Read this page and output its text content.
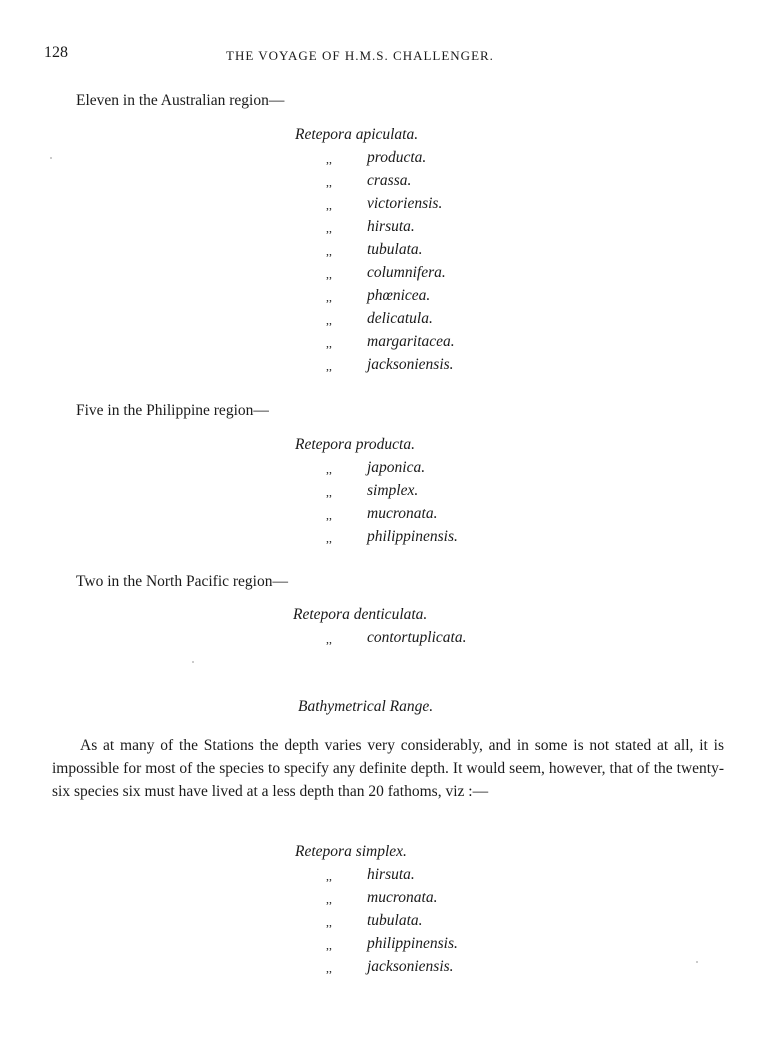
128	THE VOYAGE OF H.M.S. CHALLENGER.
Eleven in the Australian region—
Retepora apiculata.
,, producta.
,, crassa.
,, victoriensis.
,, hirsuta.
,, tubulata.
,, columnifera.
,, phœnicea.
,, delicatula.
,, margaritacea.
,, jacksoniensis.
Five in the Philippine region—
Retepora producta.
,, japonica.
,, simplex.
,, mucronata.
,, philippinensis.
Two in the North Pacific region—
Retepora denticulata.
,, contortuplicata.
Bathymetrical Range.
As at many of the Stations the depth varies very considerably, and in some is not stated at all, it is impossible for most of the species to specify any definite depth. It would seem, however, that of the twenty-six species six must have lived at a less depth than 20 fathoms, viz :—
Retepora simplex.
,, hirsuta.
,, mucronata.
,, tubulata.
,, philippinensis.
,, jacksoniensis.
